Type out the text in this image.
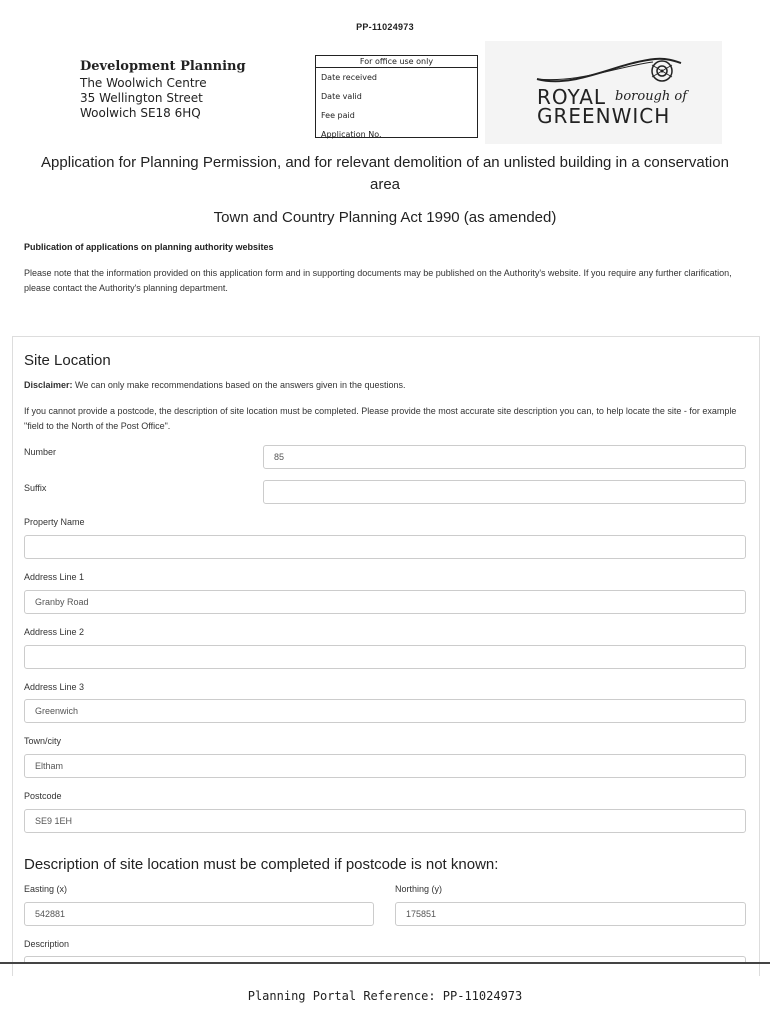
PP-11024973
Development Planning
The Woolwich Centre
35 Wellington Street
Woolwich SE18 6HQ
For office use only
Date received
Date valid
Fee paid
Application No.
ROYAL borough of
GREENWICH
Application for Planning Permission, and for relevant demolition of an unlisted building in a conservation area
Town and Country Planning Act 1990 (as amended)
Publication of applications on planning authority websites
Please note that the information provided on this application form and in supporting documents may be published on the Authority's website. If you require any further clarification, please contact the Authority's planning department.
Site Location
Disclaimer: We can only make recommendations based on the answers given in the questions.
If you cannot provide a postcode, the description of site location must be completed. Please provide the most accurate site description you can, to help locate the site - for example "field to the North of the Post Office".
Number	85
Suffix
Property Name
Address Line 1
Granby Road
Address Line 2
Address Line 3
Greenwich
Town/city
Eltham
Postcode
SE9 1EH
Description of site location must be completed if postcode is not known:
Easting (x)
542881
Northing (y)
175851
Description
Planning Portal Reference: PP-11024973
